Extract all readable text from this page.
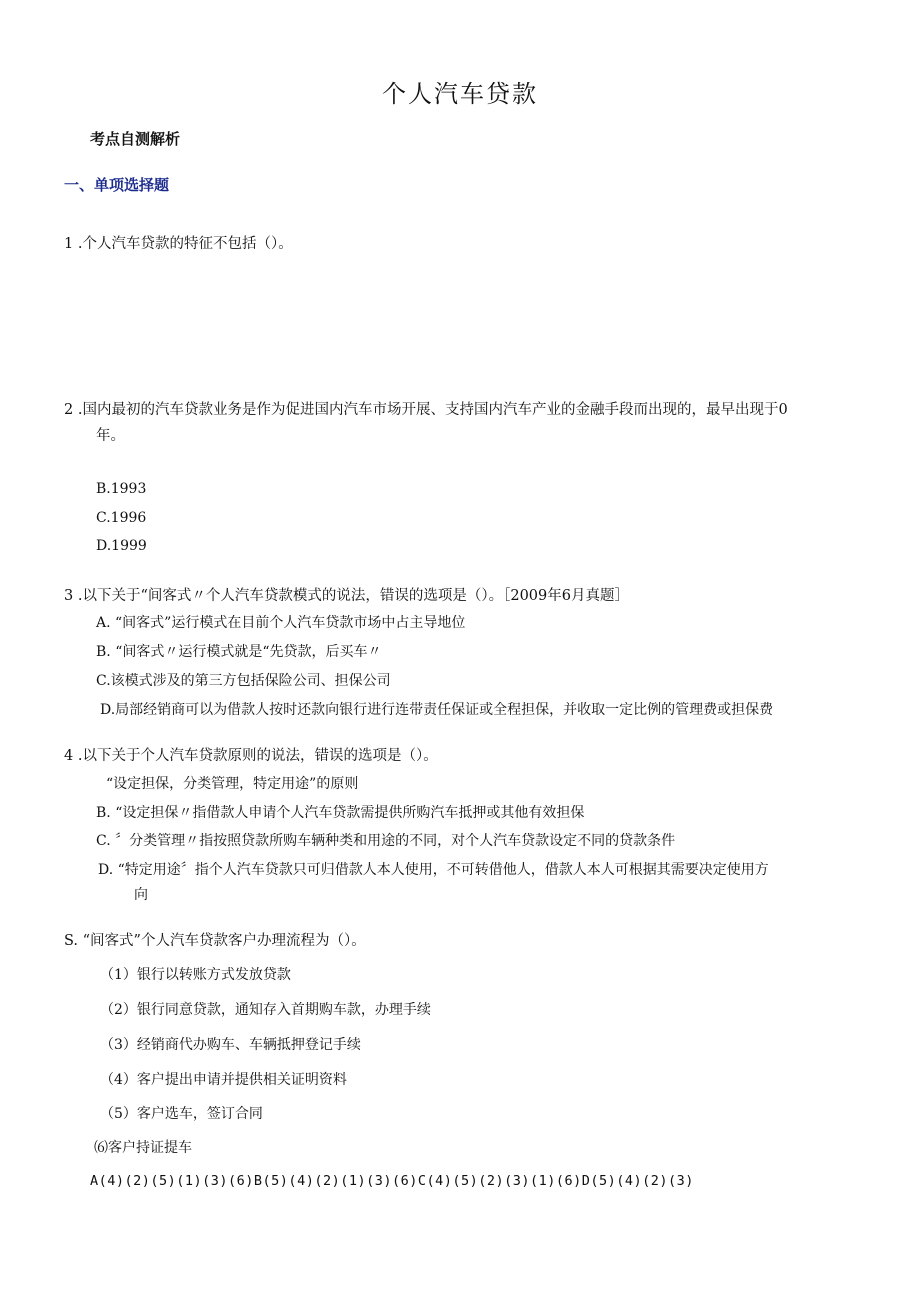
个人汽车贷款
考点自测解析
一、单项选择题
1 .个人汽车贷款的特征不包括（）。
2 .国内最初的汽车贷款业务是作为促进国内汽车市场开展、支持国内汽车产业的金融手段而出现的，最早出现于0
年。
B.1993
C.1996
D.1999
3 .以下关于“间客式〃个人汽车贷款模式的说法，错误的选项是（）。［2009年6月真题］
A. “间客式”运行模式在目前个人汽车贷款市场中占主导地位
B. “间客式〃运行模式就是“先贷款，后买车〃
C.该模式涉及的第三方包括保险公司、担保公司
D.局部经销商可以为借款人按时还款向银行进行连带责任保证或全程担保，并收取一定比例的管理费或担保费
4 .以下关于个人汽车贷款原则的说法，错误的选项是（）。
“设定担保，分类管理，特定用途”的原则
B. “设定担保〃指借款人申请个人汽车贷款需提供所购汽车抵押或其他有效担保
C. 〞分类管理〃指按照贷款所购车辆种类和用途的不同，对个人汽车贷款设定不同的贷款条件
D. “特定用途〞指个人汽车贷款只可归借款人本人使用，不可转借他人，借款人本人可根据其需要决定使用方
向
S. “间客式”个人汽车贷款客户办理流程为（）。
（1）银行以转账方式发放贷款
（2）银行同意贷款，通知存入首期购车款，办理手续
（3）经销商代办购车、车辆抵押登记手续
（4）客户提出申请并提供相关证明资料
（5）客户选车，签订合同
⑹客户持证提车
A(4)(2)(5)(1)(3)(6)B(5)(4)(2)(1)(3)(6)C(4)(5)(2)(3)(1)(6)D(5)(4)(2)(3)
